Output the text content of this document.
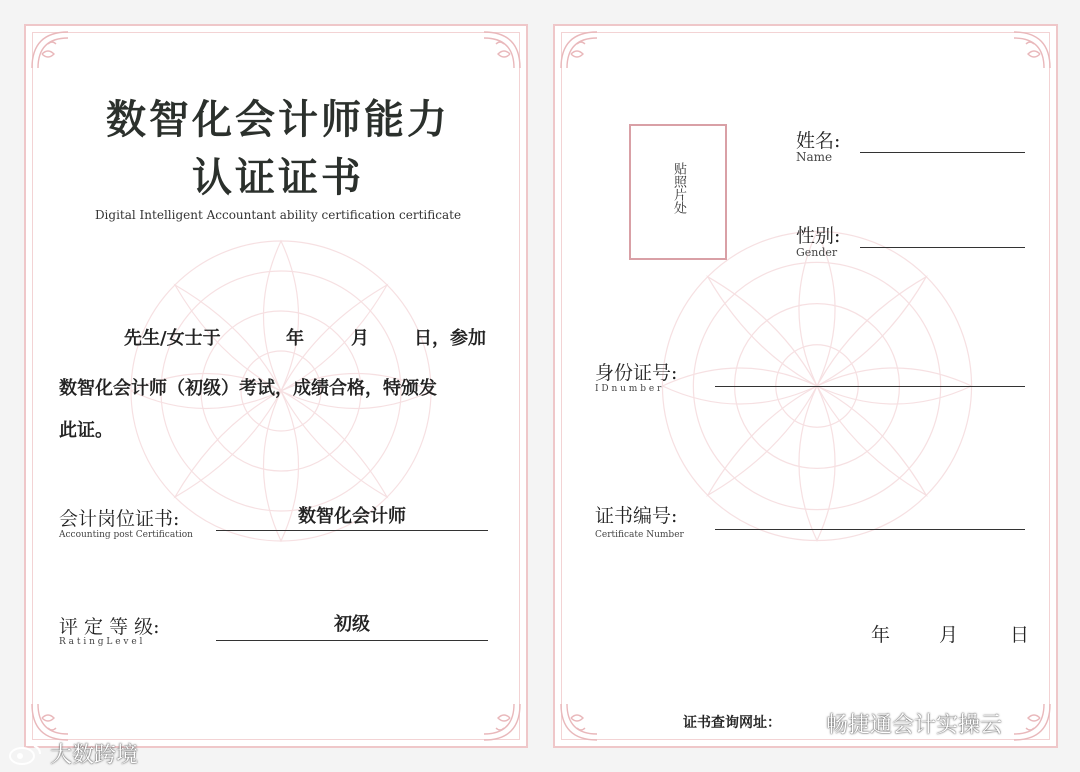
数智化会计师能力
认证证书
Digital Intelligent Accountant ability certification certificate
先生/女士于	年	月	日，参加
数智化会计师（初级）考试，成绩合格，特颁发
此证。
会计岗位证书:
Accounting post Certification
数智化会计师
评 定 等 级:
R a t i n g L e v e l
初级
贴照片处
姓名:
Name
性别:
Gender
身份证号:
I D n u m b e r
证书编号:
Certificate Number
年	月	日
证书查询网址：
大数跨境
畅捷通会计实操云
